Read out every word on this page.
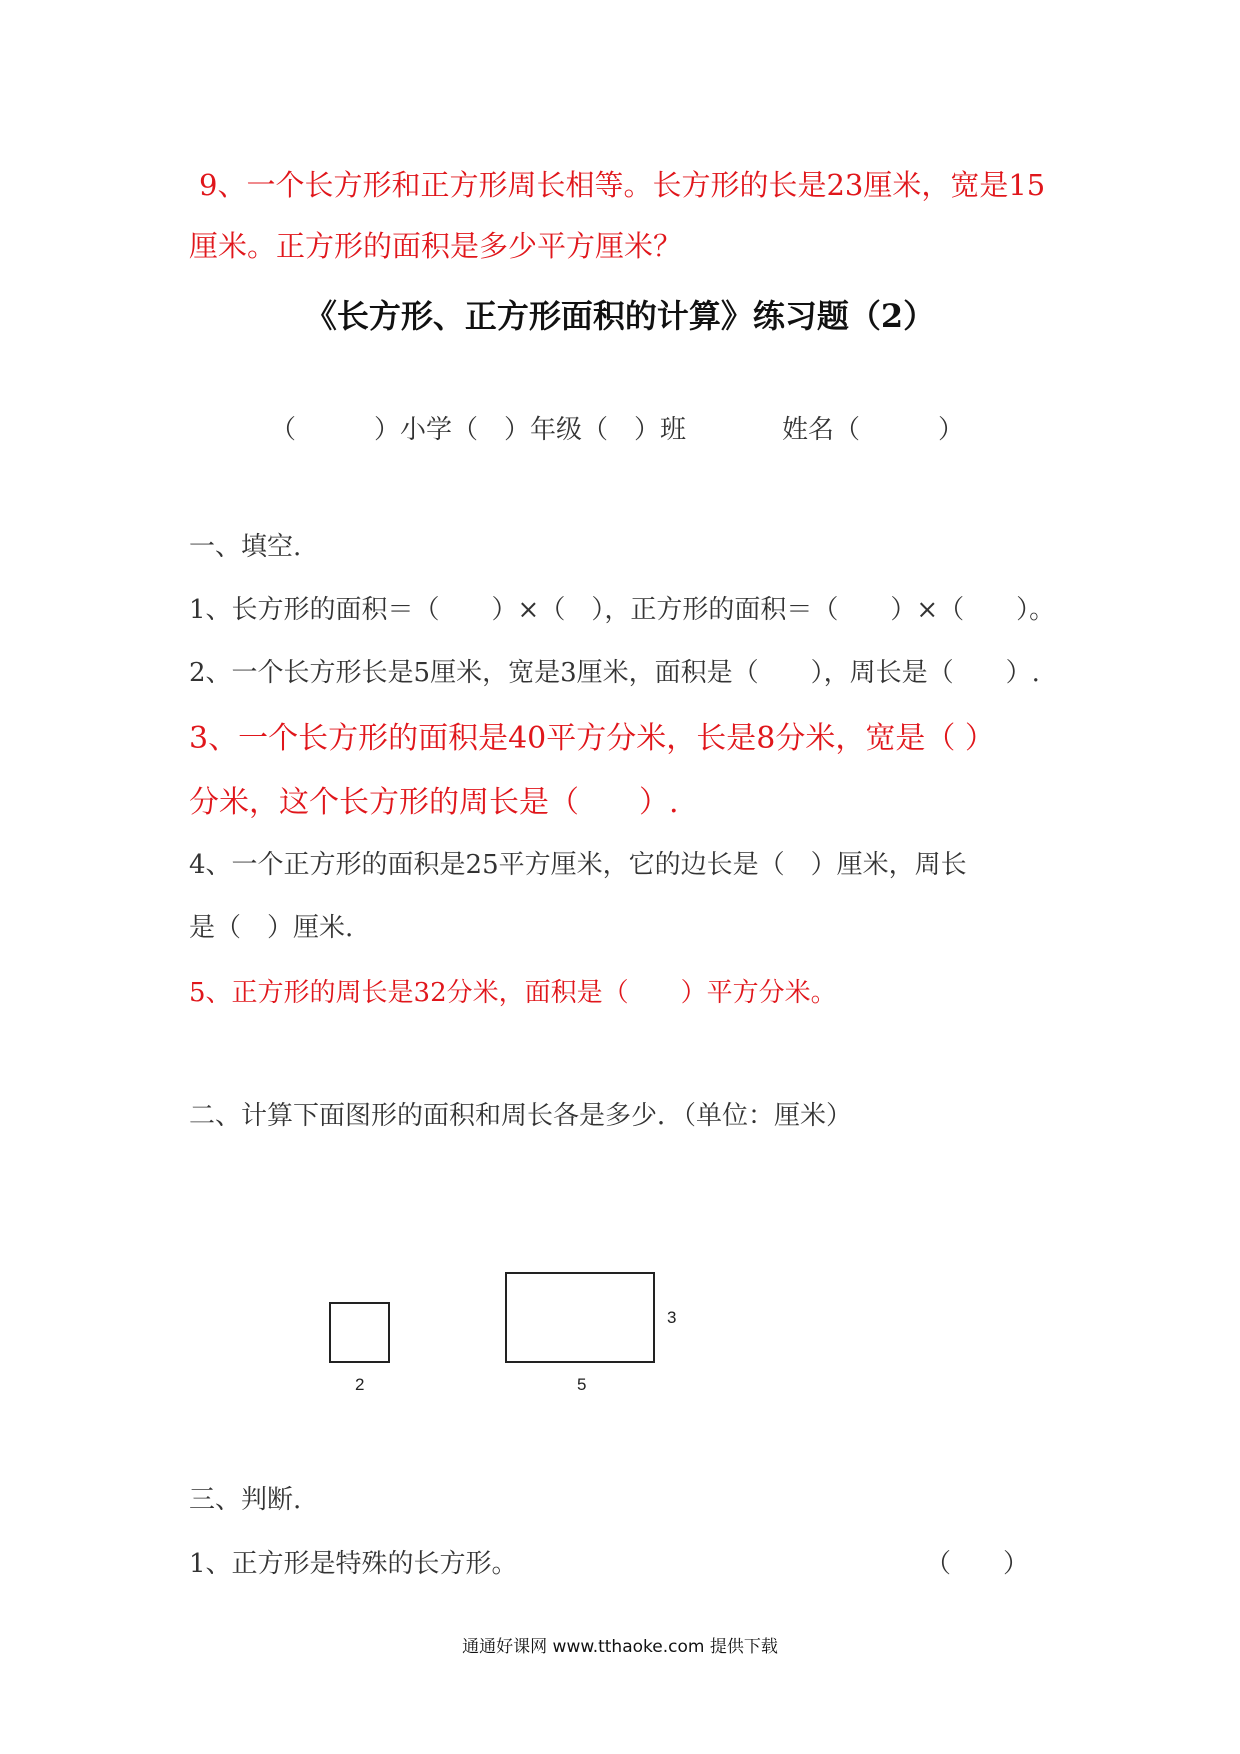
9、一个长方形和正方形周长相等。长方形的长是23厘米，宽是15
厘米。正方形的面积是多少平方厘米？
《长方形、正方形面积的计算》练习题（2）
（　　　）小学（　）年级（　）班	姓名（　　　）
一、填空.
1、长方形的面积＝（　　）×（　），正方形的面积＝（　　）×（　　）。
2、一个长方形长是5厘米，宽是3厘米，面积是（　　），周长是（　　）.
3、一个长方形的面积是40平方分米，长是8分米，宽是（ ）
分米，这个长方形的周长是（　　）.
4、一个正方形的面积是25平方厘米，它的边长是（　）厘米，周长
是（　）厘米.
5、正方形的周长是32分米，面积是（　　）平方分米。
二、计算下面图形的面积和周长各是多少．（单位：厘米）
2	5
3
三、判断.
1、正方形是特殊的长方形。	（　　）
通通好课网 www.tthaoke.com 提供下载
